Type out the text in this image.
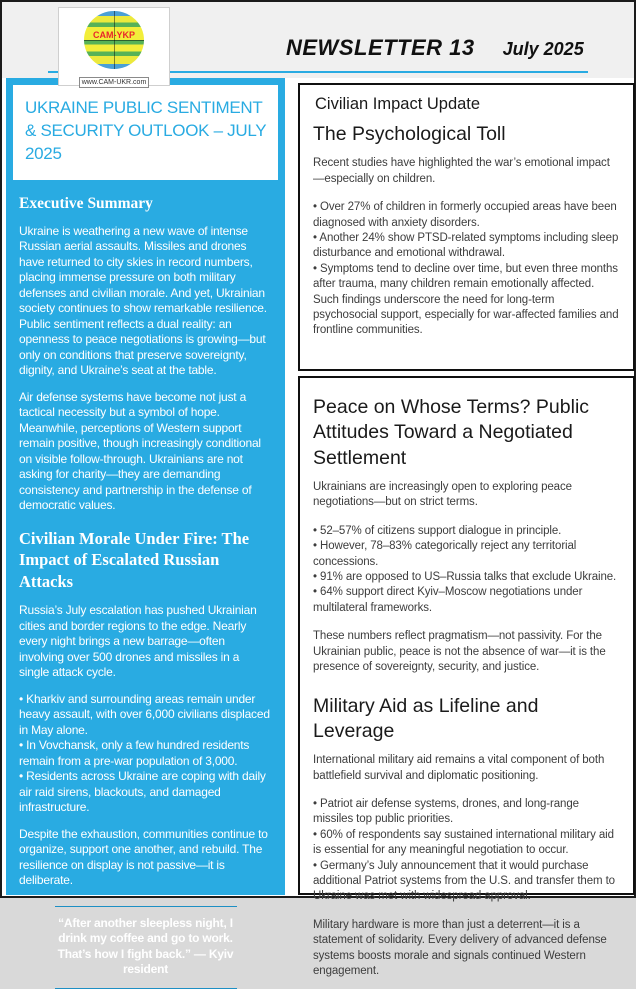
CAM-YKP
www.CAM-UKR.com
NEWSLETTER 13 July 2025
UKRAINE PUBLIC SENTIMENT & SECURITY OUTLOOK – JULY 2025
Executive Summary

Ukraine is weathering a new wave of intense Russian aerial assaults. Missiles and drones have returned to city skies in record numbers, placing immense pressure on both military defenses and civilian morale. And yet, Ukrainian society continues to show remarkable resilience. Public sentiment reflects a dual reality: an openness to peace negotiations is growing—but only on conditions that preserve sovereignty, dignity, and Ukraine’s seat at the table.

Air defense systems have become not just a tactical necessity but a symbol of hope. Meanwhile, perceptions of Western support remain positive, though increasingly conditional on visible follow-through. Ukrainians are not asking for charity—they are demanding consistency and partnership in the defense of democratic values.

Civilian Morale Under Fire: The Impact of Escalated Russian Attacks

Russia’s July escalation has pushed Ukrainian cities and border regions to the edge. Nearly every night brings a new barrage—often involving over 500 drones and missiles in a single attack cycle.

• Kharkiv and surrounding areas remain under heavy assault, with over 6,000 civilians displaced in May alone.

• In Vovchansk, only a few hundred residents remain from a pre-war population of 3,000.

• Residents across Ukraine are coping with daily air raid sirens, blackouts, and damaged infrastructure.

Despite the exhaustion, communities continue to organize, support one another, and rebuild. The resilience on display is not passive—it is deliberate.

“After another sleepless night, I drink my coffee and go to work. That’s how I fight back.” — Kyiv resident

Civilian Impact Update
The Psychological Toll

Recent studies have highlighted the war’s emotional impact—especially on children.

• Over 27% of children in formerly occupied areas have been diagnosed with anxiety disorders.

• Another 24% show PTSD-related symptoms including sleep disturbance and emotional withdrawal.

• Symptoms tend to decline over time, but even three months after trauma, many children remain emotionally affected.

Such findings underscore the need for long-term psychosocial support, especially for war-affected families and frontline communities.

Peace on Whose Terms? Public Attitudes Toward a Negotiated Settlement

Ukrainians are increasingly open to exploring peace negotiations—but on strict terms.

• 52–57% of citizens support dialogue in principle.

• However, 78–83% categorically reject any territorial concessions.

• 91% are opposed to US–Russia talks that exclude Ukraine.

• 64% support direct Kyiv–Moscow negotiations under multilateral frameworks.

These numbers reflect pragmatism—not passivity. For the Ukrainian public, peace is not the absence of war—it is the presence of sovereignty, security, and justice.

Military Aid as Lifeline and Leverage

International military aid remains a vital component of both battlefield survival and diplomatic positioning.

• Patriot air defense systems, drones, and long-range missiles top public priorities.

• 60% of respondents say sustained international military aid is essential for any meaningful negotiation to occur.

• Germany’s July announcement that it would purchase additional Patriot systems from the U.S. and transfer them to Ukraine was met with widespread approval.

Military hardware is more than just a deterrent—it is a statement of solidarity. Every delivery of advanced defense systems boosts morale and signals continued Western engagement.
